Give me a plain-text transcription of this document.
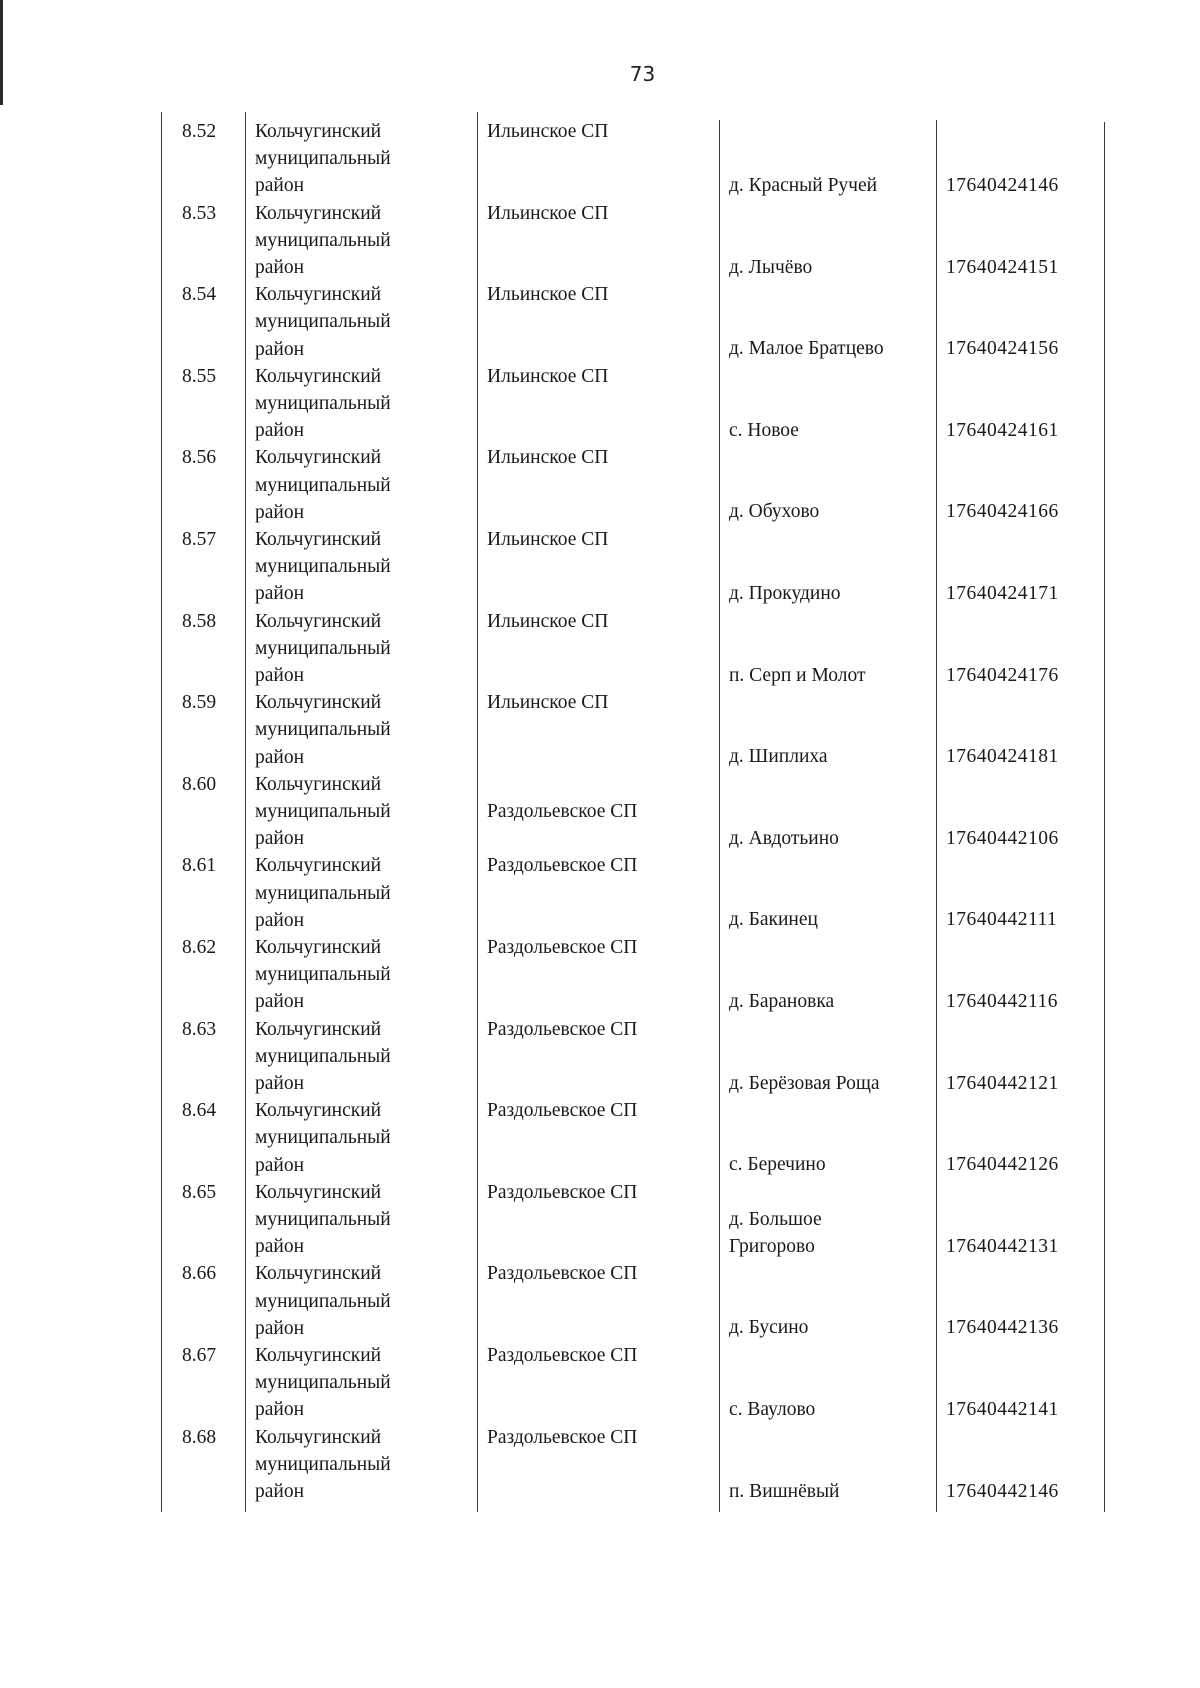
73
8.52 Кольчугинский
муниципальный
район
Ильинское СП
д. Красный Ручей	17640424146
8.53 Кольчугинский
муниципальный
район
Ильинское СП
д. Лычёво	17640424151
8.54 Кольчугинский
муниципальный
район
Ильинское СП
д. Малое Братцево	17640424156
8.55 Кольчугинский
муниципальный
район
Ильинское СП
с. Новое	17640424161
8.56 Кольчугинский
муниципальный
район
Ильинское СП
д. Обухово	17640424166
8.57 Кольчугинский
муниципальный
район
Ильинское СП
д. Прокудино	17640424171
8.58 Кольчугинский
муниципальный
район
Ильинское СП
п. Серп и Молот	17640424176
8.59 Кольчугинский
муниципальный
район
Ильинское СП
д. Шиплиха	17640424181
8.60 Кольчугинский
муниципальный
район
Раздольевское СП
д. Авдотьино	17640442106
8.61 Кольчугинский
муниципальный
район
Раздольевское СП
д. Бакинец	17640442111
8.62 Кольчугинский
муниципальный
район
Раздольевское СП
д. Барановка	17640442116
8.63 Кольчугинский
муниципальный
район
Раздольевское СП
д. Берёзовая Роща	17640442121
8.64 Кольчугинский
муниципальный
район
Раздольевское СП
с. Беречино	17640442126
8.65 Кольчугинский
муниципальный
район
Раздольевское СП
д. Большое
Григорово	17640442131
8.66 Кольчугинский
муниципальный
район
Раздольевское СП
д. Бусино	17640442136
8.67 Кольчугинский
муниципальный
район
Раздольевское СП
с. Ваулово	17640442141
8.68 Кольчугинский
муниципальный
район
Раздольевское СП
п. Вишнёвый	17640442146
